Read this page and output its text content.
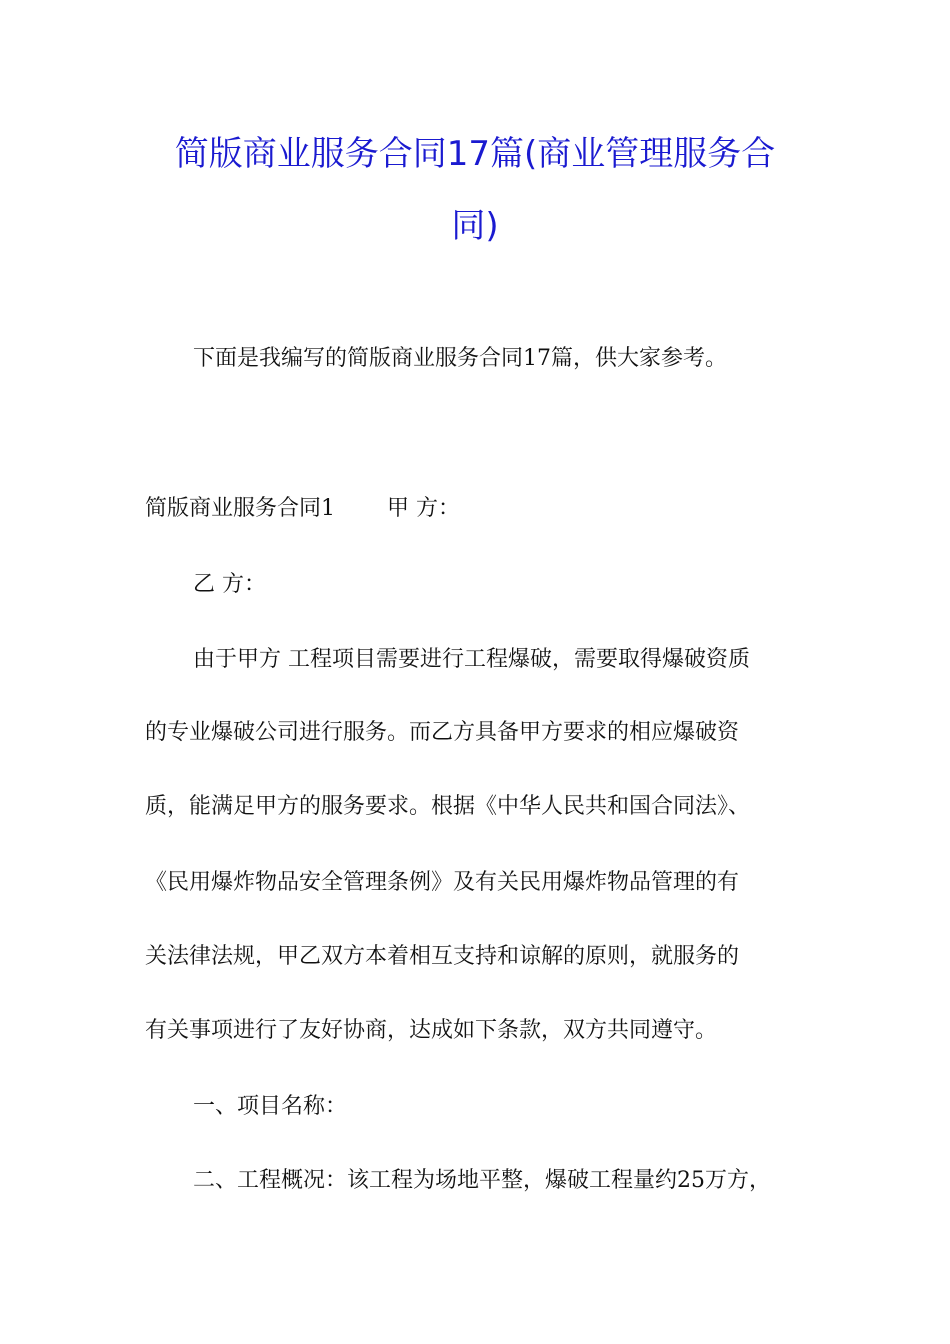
简版商业服务合同17篇(商业管理服务合
同)
下面是我编写的简版商业服务合同17篇，供大家参考。
简版商业服务合同1 甲 方：
乙 方：
由于甲方 工程项目需要进行工程爆破，需要取得爆破资质
的专业爆破公司进行服务。而乙方具备甲方要求的相应爆破资
质，能满足甲方的服务要求。根据《中华人民共和国合同法》、
《民用爆炸物品安全管理条例》及有关民用爆炸物品管理的有
关法律法规，甲乙双方本着相互支持和谅解的原则，就服务的
有关事项进行了友好协商，达成如下条款，双方共同遵守。
一、项目名称：
二、工程概况：该工程为场地平整，爆破工程量约25万方，
